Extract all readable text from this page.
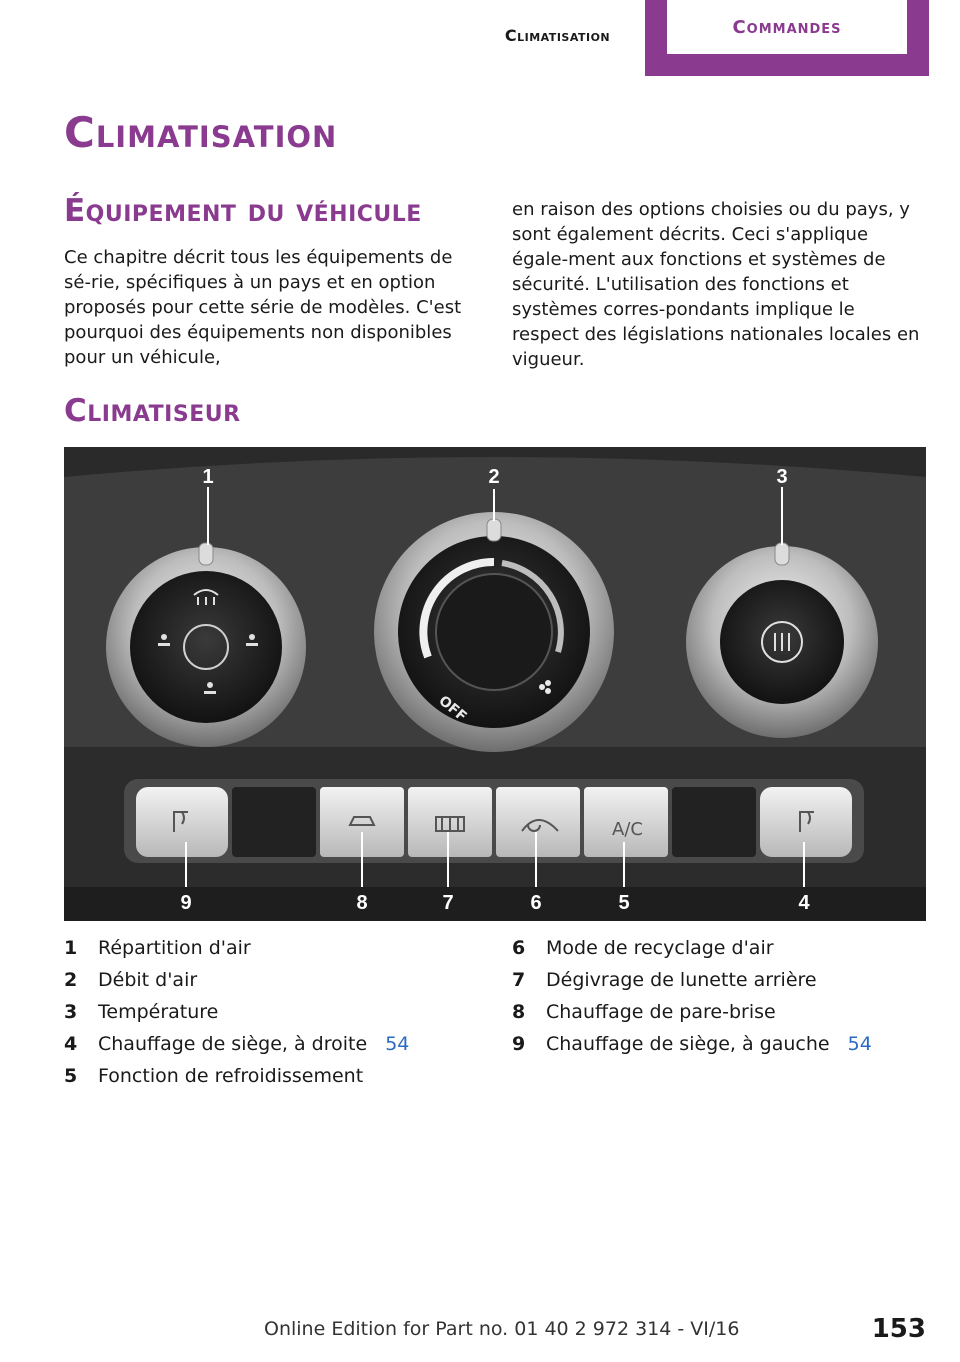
Climatisation	Commandes
Climatisation
Équipement du véhicule
Ce chapitre décrit tous les équipements de sé‐rie, spécifiques à un pays et en option proposés pour cette série de modèles. C'est pourquoi des équipements non disponibles pour un véhicule,
en raison des options choisies ou du pays, y sont également décrits. Ceci s'applique égale‐ment aux fonctions et systèmes de sécurité. L'utilisation des fonctions et systèmes corres‐pondants implique le respect des législations nationales locales en vigueur.
Climatiseur
OFF
A/C
1	2	3
9	8	7	6	5	4
1	Répartition d'air
2	Débit d'air
3	Température
4	Chauffage de siège, à droite 54
5	Fonction de refroidissement
6	Mode de recyclage d'air
7	Dégivrage de lunette arrière
8	Chauffage de pare-brise
9	Chauffage de siège, à gauche 54
Online Edition for Part no. 01 40 2 972 314 - VI/16	153
